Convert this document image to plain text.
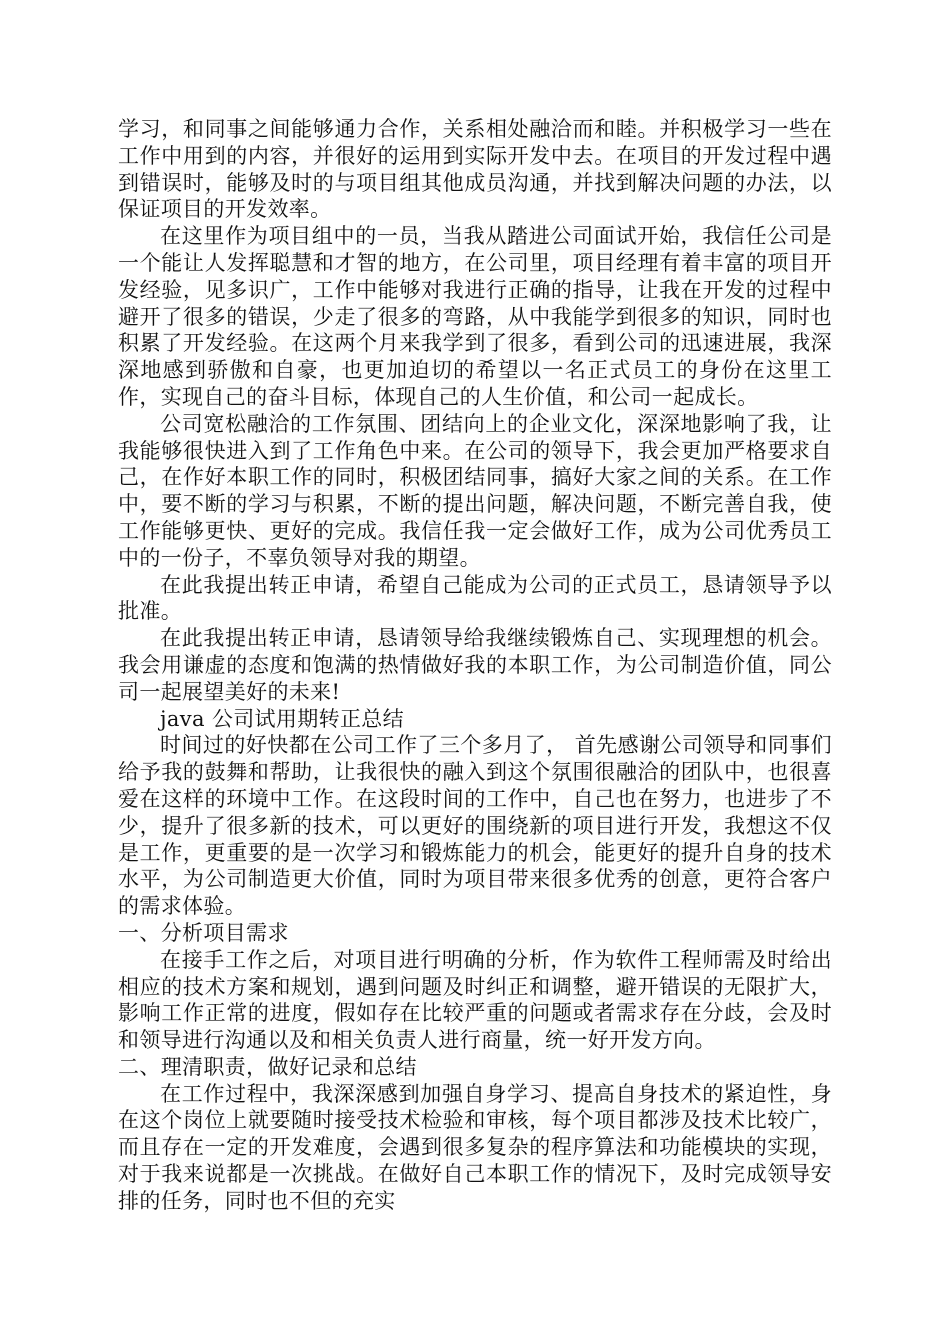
学习，和同事之间能够通力合作，关系相处融洽而和睦。并积极学习一些在工作中用到的内容，并很好的运用到实际开发中去。在项目的开发过程中遇到错误时，能够及时的与项目组其他成员沟通，并找到解决问题的办法，以保证项目的开发效率。

在这里作为项目组中的一员，当我从踏进公司面试开始，我信任公司是一个能让人发挥聪慧和才智的地方，在公司里，项目经理有着丰富的项目开发经验，见多识广，工作中能够对我进行正确的指导，让我在开发的过程中避开了很多的错误，少走了很多的弯路，从中我能学到很多的知识，同时也积累了开发经验。在这两个月来我学到了很多，看到公司的迅速进展，我深深地感到骄傲和自豪，也更加迫切的希望以一名正式员工的身份在这里工作，实现自己的奋斗目标，体现自己的人生价值，和公司一起成长。

公司宽松融洽的工作氛围、团结向上的企业文化，深深地影响了我，让我能够很快进入到了工作角色中来。在公司的领导下，我会更加严格要求自己，在作好本职工作的同时，积极团结同事，搞好大家之间的关系。在工作中，要不断的学习与积累，不断的提出问题，解决问题，不断完善自我，使工作能够更快、更好的完成。我信任我一定会做好工作，成为公司优秀员工中的一份子，不辜负领导对我的期望。

在此我提出转正申请，希望自己能成为公司的正式员工，恳请领导予以批准。

在此我提出转正申请，恳请领导给我继续锻炼自己、实现理想的机会。我会用谦虚的态度和饱满的热情做好我的本职工作，为公司制造价值，同公司一起展望美好的未来!

java 公司试用期转正总结

时间过的好快都在公司工作了三个多月了， 首先感谢公司领导和同事们给予我的鼓舞和帮助，让我很快的融入到这个氛围很融洽的团队中，也很喜爱在这样的环境中工作。在这段时间的工作中，自己也在努力，也进步了不少，提升了很多新的技术，可以更好的围绕新的项目进行开发，我想这不仅是工作，更重要的是一次学习和锻炼能力的机会，能更好的提升自身的技术水平，为公司制造更大价值，同时为项目带来很多优秀的创意，更符合客户的需求体验。

一、分析项目需求

在接手工作之后，对项目进行明确的分析，作为软件工程师需及时给出相应的技术方案和规划，遇到问题及时纠正和调整，避开错误的无限扩大，影响工作正常的进度，假如存在比较严重的问题或者需求存在分歧，会及时和领导进行沟通以及和相关负责人进行商量，统一好开发方向。

二、理清职责，做好记录和总结

在工作过程中，我深深感到加强自身学习、提高自身技术的紧迫性，身在这个岗位上就要随时接受技术检验和审核，每个项目都涉及技术比较广，而且存在一定的开发难度，会遇到很多复杂的程序算法和功能模块的实现，对于我来说都是一次挑战。在做好自己本职工作的情况下，及时完成领导安排的任务，同时也不但的充实
